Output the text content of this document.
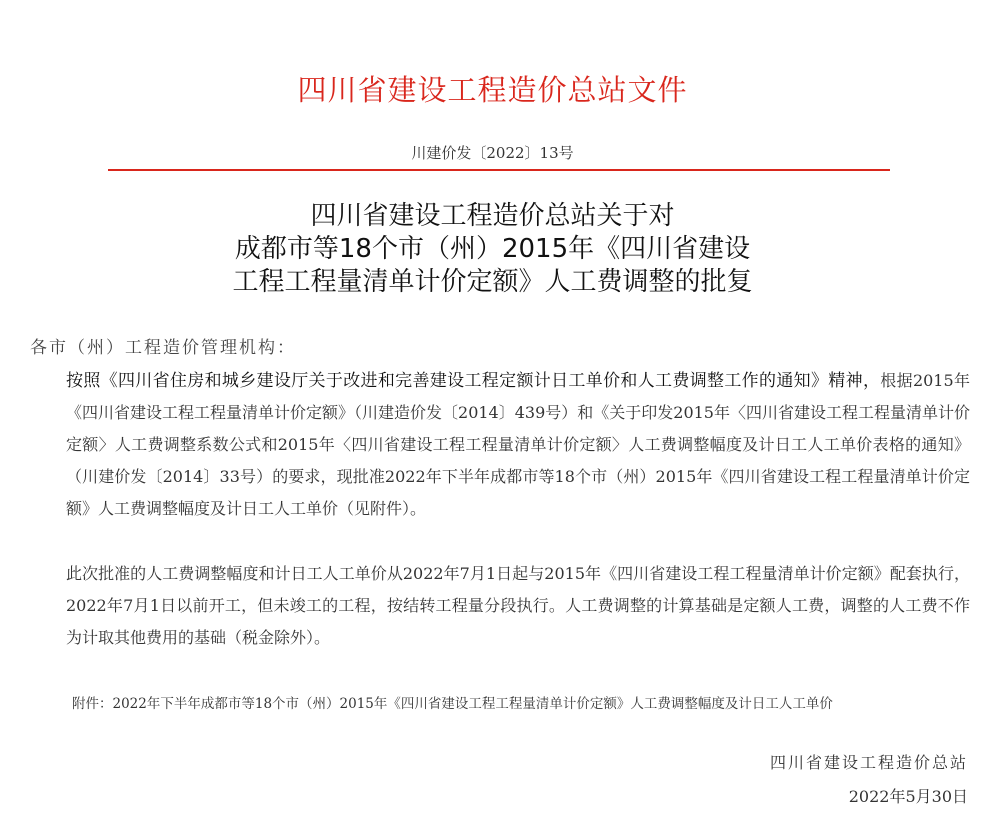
四川省建设工程造价总站文件
川建价发〔2022〕13号
四川省建设工程造价总站关于对
成都市等18个市（州）2015年《四川省建设
工程工程量清单计价定额》人工费调整的批复
各市（州）工程造价管理机构：
按照《四川省住房和城乡建设厅关于改进和完善建设工程定额计日工单价和人工费调整工作的通知》精神，根据2015年《四川省建设工程工程量清单计价定额》（川建造价发〔2014〕439号）和《关于印发2015年〈四川省建设工程工程量清单计价定额〉人工费调整系数公式和2015年〈四川省建设工程工程量清单计价定额〉人工费调整幅度及计日工人工单价表格的通知》（川建价发〔2014〕33号）的要求，现批准2022年下半年成都市等18个市（州）2015年《四川省建设工程工程量清单计价定额》人工费调整幅度及计日工人工单价（见附件）。
此次批准的人工费调整幅度和计日工人工单价从2022年7月1日起与2015年《四川省建设工程工程量清单计价定额》配套执行，2022年7月1日以前开工，但未竣工的工程，按结转工程量分段执行。人工费调整的计算基础是定额人工费，调整的人工费不作为计取其他费用的基础（税金除外）。
附件：2022年下半年成都市等18个市（州）2015年《四川省建设工程工程量清单计价定额》人工费调整幅度及计日工人工单价
四川省建设工程造价总站
2022年5月30日
